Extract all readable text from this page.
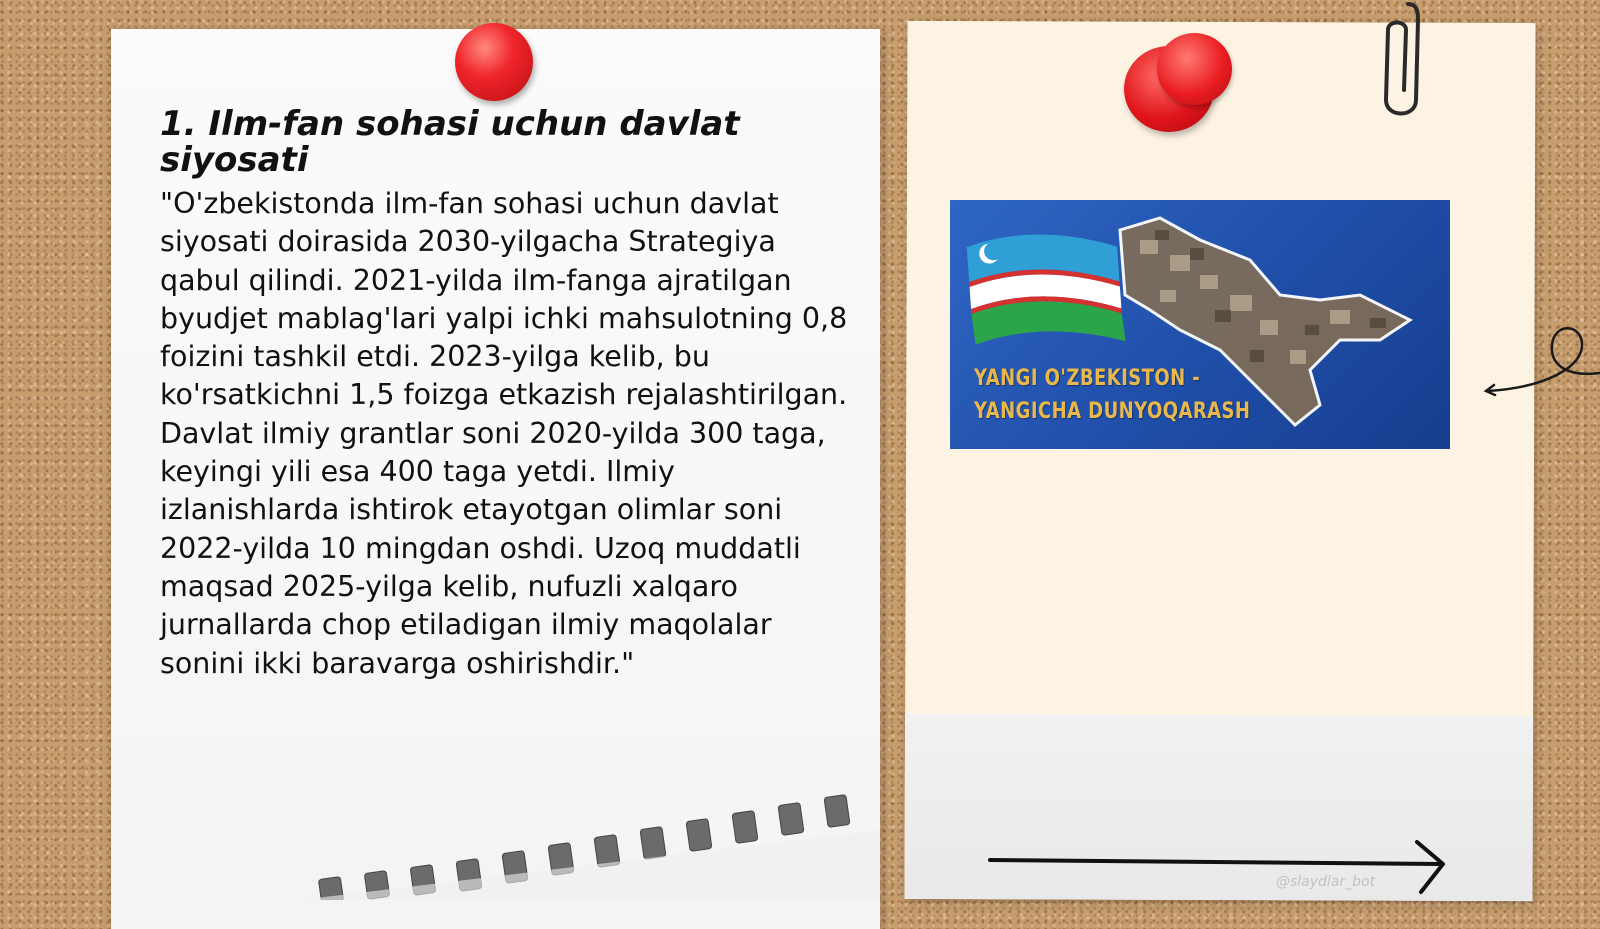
1. Ilm-fan sohasi uchun davlat siyosati

"O'zbekistonda ilm-fan sohasi uchun davlat siyosati doirasida 2030-yilgacha Strategiya qabul qilindi. 2021-yilda ilm-fanga ajratilgan byudjet mablag'lari yalpi ichki mahsulotning 0,8 foizini tashkil etdi. 2023-yilga kelib, bu ko'rsatkichni 1,5 foizga etkazish rejalashtirilgan. Davlat ilmiy grantlar soni 2020-yilda 300 taga, keyingi yili esa 400 taga yetdi. Ilmiy izlanishlarda ishtirok etayotgan olimlar soni 2022-yilda 10 mingdan oshdi. Uzoq muddatli maqsad 2025-yilga kelib, nufuzli xalqaro jurnallarda chop etiladigan ilmiy maqolalar sonini ikki baravarga oshirishdir."

YANGI O'ZBEKISTON -
YANGICHA DUNYOQARASH
@slaydlar_bot
